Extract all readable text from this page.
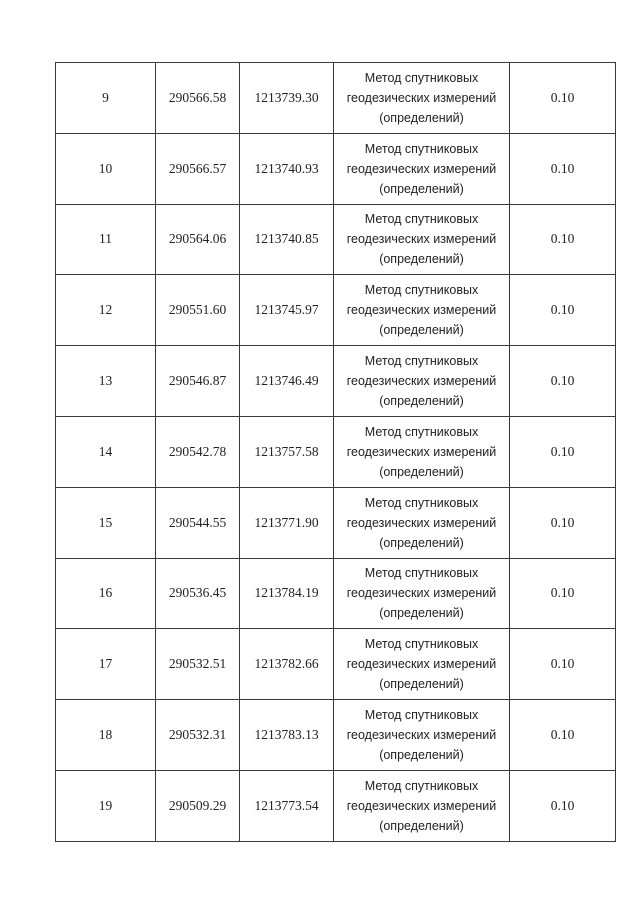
9	290566.58	1213739.30	Метод спутниковых
геодезических измерений
(определений)	0.10
10	290566.57	1213740.93	Метод спутниковых
геодезических измерений
(определений)	0.10
11	290564.06	1213740.85	Метод спутниковых
геодезических измерений
(определений)	0.10
12	290551.60	1213745.97	Метод спутниковых
геодезических измерений
(определений)	0.10
13	290546.87	1213746.49	Метод спутниковых
геодезических измерений
(определений)	0.10
14	290542.78	1213757.58	Метод спутниковых
геодезических измерений
(определений)	0.10
15	290544.55	1213771.90	Метод спутниковых
геодезических измерений
(определений)	0.10
16	290536.45	1213784.19	Метод спутниковых
геодезических измерений
(определений)	0.10
17	290532.51	1213782.66	Метод спутниковых
геодезических измерений
(определений)	0.10
18	290532.31	1213783.13	Метод спутниковых
геодезических измерений
(определений)	0.10
19	290509.29	1213773.54	Метод спутниковых
геодезических измерений
(определений)	0.10
